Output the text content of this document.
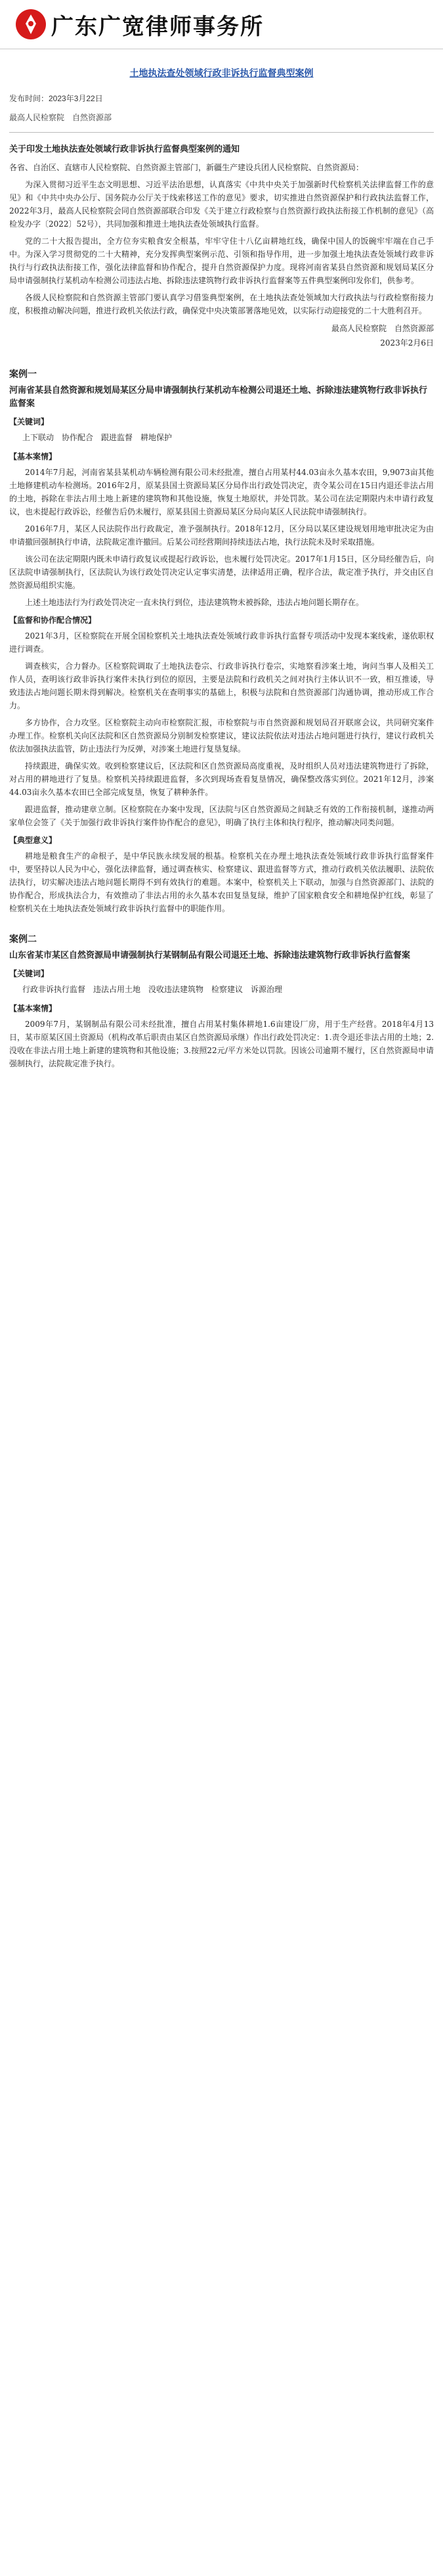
广东广宽律师事务所
土地执法查处领域行政非诉执行监督典型案例
发布时间：2023年3月22日
最高人民检察院　自然资源部
关于印发土地执法查处领域行政非诉执行监督典型案例的通知

各省、自治区、直辖市人民检察院、自然资源主管部门，新疆生产建设兵团人民检察院、自然资源局：

为深入贯彻习近平生态文明思想、习近平法治思想，认真落实《中共中央关于加强新时代检察机关法律监督工作的意见》和《中共中央办公厅、国务院办公厅关于线索移送工作的意见》要求，切实推进自然资源保护和行政执法监督工作，2022年3月，最高人民检察院会同自然资源部联合印发《关于建立行政检察与自然资源行政执法衔接工作机制的意见》（高检发办字〔2022〕52号），共同加强和推进土地执法查处领域执行监督。

党的二十大报告提出，全方位夯实粮食安全根基，牢牢守住十八亿亩耕地红线，确保中国人的饭碗牢牢端在自己手中。为深入学习贯彻党的二十大精神，充分发挥典型案例示范、引领和指导作用，进一步加强土地执法查处领域行政非诉执行与行政执法衔接工作，强化法律监督和协作配合，提升自然资源保护力度。现将河南省某县自然资源和规划局某区分局申请强制执行某机动车检测公司违法占地、拆除违法建筑物行政非诉执行监督案等五件典型案例印发你们，供参考。

各级人民检察院和自然资源主管部门要认真学习借鉴典型案例，在土地执法查处领域加大行政执法与行政检察衔接力度，积极推动解决问题，推进行政机关依法行政，确保党中央决策部署落地见效，以实际行动迎接党的二十大胜利召开。

最高人民检察院　自然资源部
2023年2月6日
案例一
河南省某县自然资源和规划局某区分局申请强制执行某机动车检测公司退还土地、拆除违法建筑物行政非诉执行监督案
【关键词】
上下联动　协作配合　跟进监督　耕地保护
【基本案情】

2014年7月起，河南省某县某机动车辆检测有限公司未经批准，擅自占用某村44.03亩永久基本农田，9,9073亩其他土地修建机动车检测场。2016年2月，原某县国土资源局某区分局作出行政处罚决定，责令某公司在15日内退还非法占用的土地，拆除在非法占用土地上新建的建筑物和其他设施，恢复土地原状，并处罚款。某公司在法定期限内未申请行政复议，也未提起行政诉讼，经催告后仍未履行，原某县国土资源局某区分局向某区人民法院申请强制执行。

2016年7月，某区人民法院作出行政裁定，准予强制执行。2018年12月，区分局以某区建设规划用地审批决定为由申请撤回强制执行申请，法院裁定准许撤回。后某公司经营期间持续违法占地，执行法院未及时采取措施。

该公司在法定期限内既未申请行政复议或提起行政诉讼，也未履行处罚决定。2017年1月15日，区分局经催告后，向区法院申请强制执行，区法院认为该行政处罚决定认定事实清楚，法律适用正确，程序合法，裁定准予执行，并交由区自然资源局组织实施。

上述土地违法行为行政处罚决定一直未执行到位，违法建筑物未被拆除，违法占地问题长期存在。

【监督和协作配合情况】

2021年3月，区检察院在开展全国检察机关土地执法查处领域行政非诉执行监督专项活动中发现本案线索，遂依职权进行调查。

调查核实，合力督办。区检察院调取了土地执法卷宗、行政非诉执行卷宗，实地察看涉案土地，询问当事人及相关工作人员，查明该行政非诉执行案件未执行到位的原因，主要是法院和行政机关之间对执行主体认识不一致，相互推诿，导致违法占地问题长期未得到解决。检察机关在查明事实的基础上，积极与法院和自然资源部门沟通协调，推动形成工作合力。

多方协作，合力攻坚。区检察院主动向市检察院汇报，市检察院与市自然资源和规划局召开联席会议，共同研究案件办理工作。检察机关向区法院和区自然资源局分别制发检察建议，建议法院依法对违法占地问题进行执行，建议行政机关依法加强执法监管，防止违法行为反弹，对涉案土地进行复垦复绿。

持续跟进，确保实效。收到检察建议后，区法院和区自然资源局高度重视，及时组织人员对违法建筑物进行了拆除，对占用的耕地进行了复垦。检察机关持续跟进监督，多次到现场查看复垦情况，确保整改落实到位。2021年12月，涉案44.03亩永久基本农田已全部完成复垦，恢复了耕种条件。

跟进监督，推动建章立制。区检察院在办案中发现，区法院与区自然资源局之间缺乏有效的工作衔接机制，遂推动两家单位会签了《关于加强行政非诉执行案件协作配合的意见》，明确了执行主体和执行程序，推动解决同类问题。

【典型意义】

耕地是粮食生产的命根子，是中华民族永续发展的根基。检察机关在办理土地执法查处领域行政非诉执行监督案件中，要坚持以人民为中心，强化法律监督，通过调查核实、检察建议、跟进监督等方式，推动行政机关依法履职、法院依法执行，切实解决违法占地问题长期得不到有效执行的难题。本案中，检察机关上下联动，加强与自然资源部门、法院的协作配合，形成执法合力，有效推动了非法占用的永久基本农田复垦复绿，维护了国家粮食安全和耕地保护红线，彰显了检察机关在土地执法查处领域行政非诉执行监督中的职能作用。

案例二
山东省某市某区自然资源局申请强制执行某钢制品有限公司退还土地、拆除违法建筑物行政非诉执行监督案
【关键词】
行政非诉执行监督　违法占用土地　没收违法建筑物　检察建议　诉源治理
【基本案情】

2009年7月，某钢制品有限公司未经批准，擅自占用某村集体耕地1.6亩建设厂房，用于生产经营。2018年4月13日，某市原某区国土资源局（机构改革后职责由某区自然资源局承继）作出行政处罚决定：1.责令退还非法占用的土地；2.没收在非法占用土地上新建的建筑物和其他设施；3.按照22元/平方米处以罚款。因该公司逾期不履行，区自然资源局申请强制执行，法院裁定准予执行。
